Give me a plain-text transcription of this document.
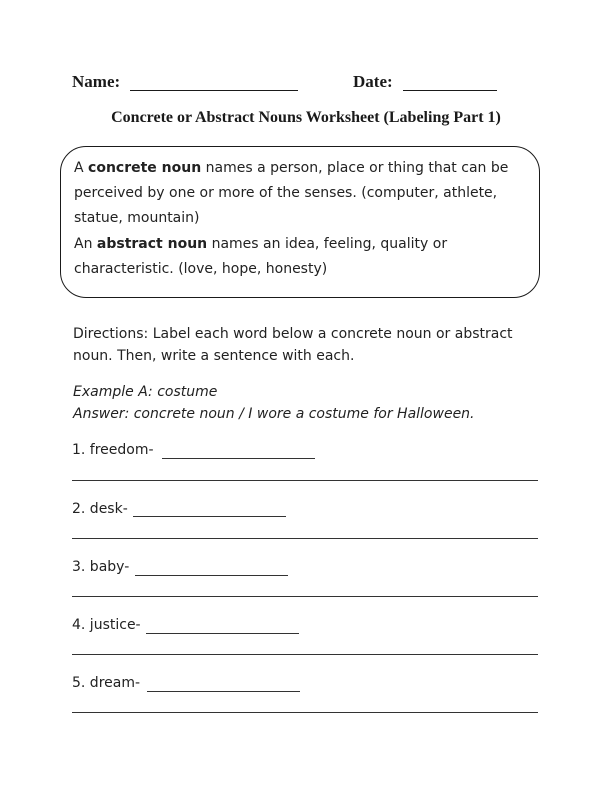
Name:	Date:
Concrete or Abstract Nouns Worksheet (Labeling Part 1)
A concrete noun names a person, place or thing that can be
perceived by one or more of the senses. (computer, athlete,
statue, mountain)
An abstract noun names an idea, feeling, quality or
characteristic. (love, hope, honesty)
Directions: Label each word below a concrete noun or abstract
noun. Then, write a sentence with each.
Example A: costume
Answer: concrete noun / I wore a costume for Halloween.
1. freedom-
2. desk-
3. baby-
4. justice-
5. dream-
